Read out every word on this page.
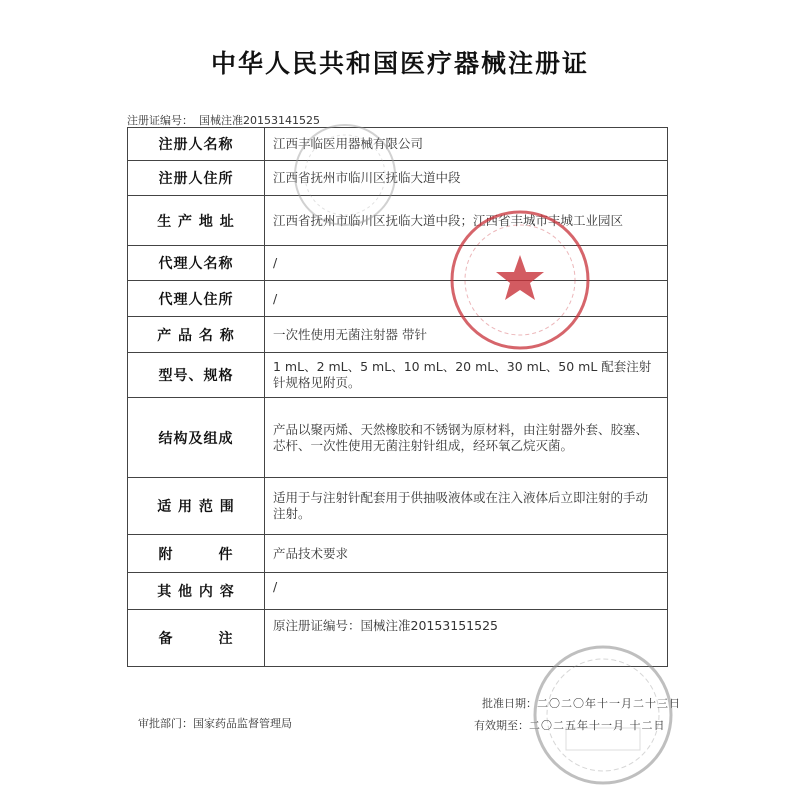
中华人民共和国医疗器械注册证
注册证编号： 国械注准20153141525
注册人名称	江西丰临医用器械有限公司
注册人住所	江西省抚州市临川区抚临大道中段
生 产 地 址	江西省抚州市临川区抚临大道中段；江西省丰城市丰城工业园区
代理人名称	/
代理人住所	/
产 品 名 称	一次性使用无菌注射器 带针
型号、规格	1 mL、2 mL、5 mL、10 mL、20 mL、30 mL、50 mL 配套注射针规格见附页。
结构及组成	产品以聚丙烯、天然橡胶和不锈钢为原材料，由注射器外套、胶塞、芯杆、一次性使用无菌注射针组成，经环氧乙烷灭菌。
适 用 范 围	适用于与注射针配套用于供抽吸液体或在注入液体后立即注射的手动注射。
附　　　件	产品技术要求
其 他 内 容	/
备　　　注	原注册证编号：国械注准20153151525
批准日期：二〇二〇年十一月二十三日
审批部门：国家药品监督管理局	有效期至：二〇二五年十一月 十二日
